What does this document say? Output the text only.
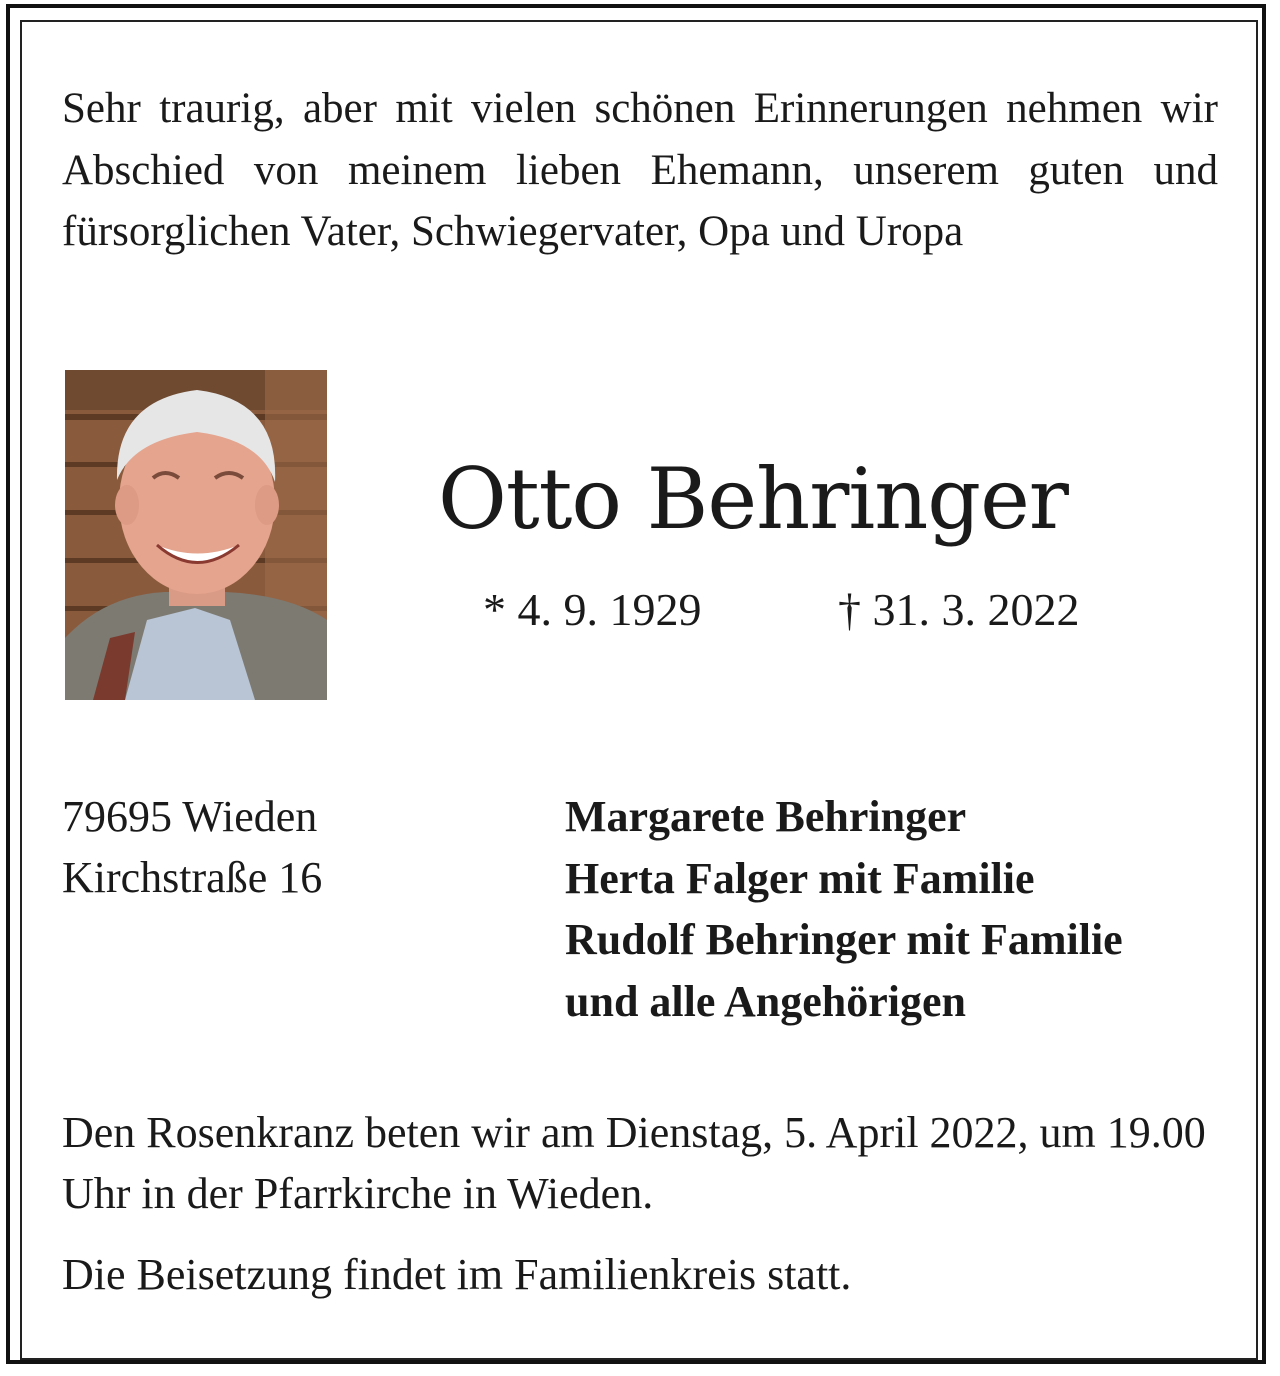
Sehr traurig, aber mit vielen schönen Erinnerungen nehmen wir Abschied von meinem lieben Ehemann, unserem guten und fürsorglichen Vater, Schwiegervater, Opa und Uropa

Otto Behringer
* 4. 9. 1929	† 31. 3. 2022
79695 Wieden
Kirchstraße 16
Margarete Behringer
Herta Falger mit Familie
Rudolf Behringer mit Familie
und alle Angehörigen

Den Rosenkranz beten wir am Dienstag, 5. April 2022, um 19.00 Uhr in der Pfarrkirche in Wieden.

Die Beisetzung findet im Familienkreis statt.
